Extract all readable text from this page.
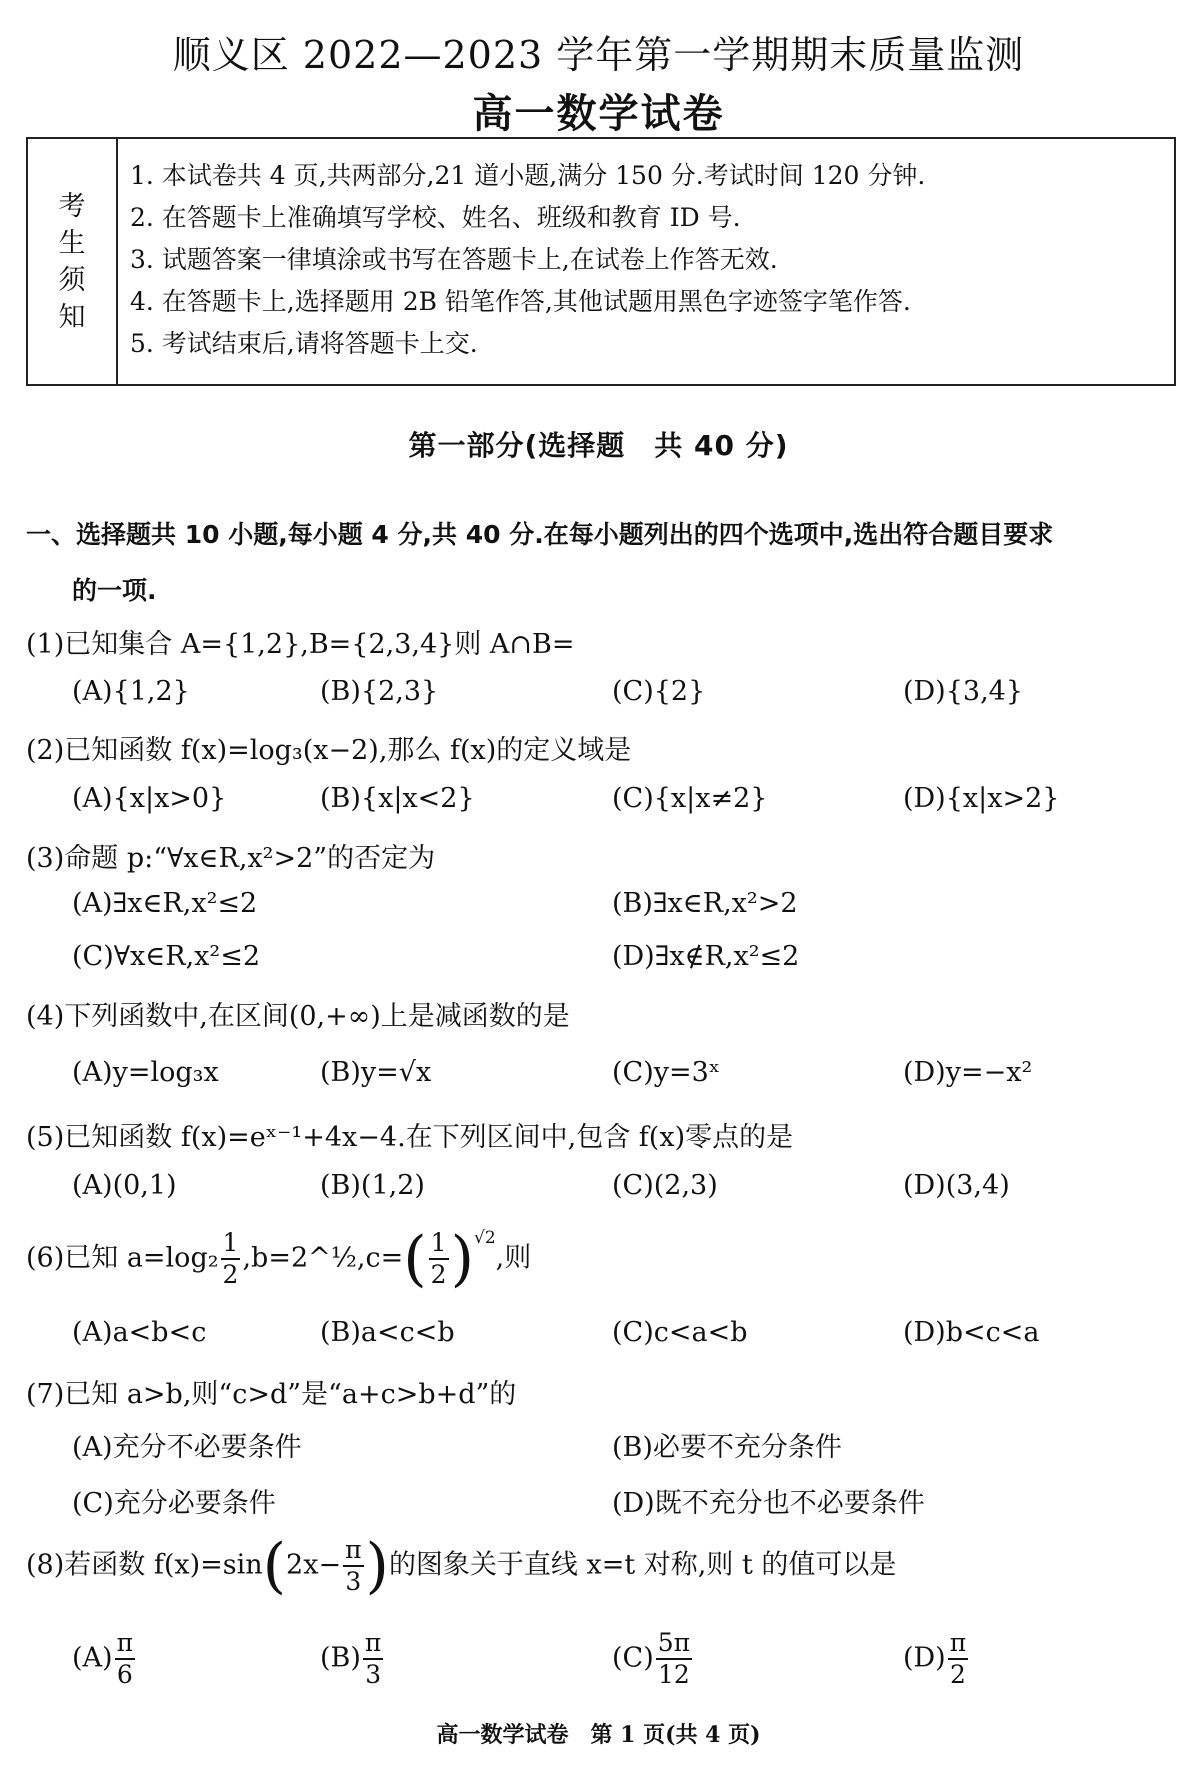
顺义区 2022—2023 学年第一学期期末质量监测
高一数学试卷
考
生
须
知
1. 本试卷共 4 页,共两部分,21 道小题,满分 150 分.考试时间 120 分钟.
2. 在答题卡上准确填写学校、姓名、班级和教育 ID 号.
3. 试题答案一律填涂或书写在答题卡上,在试卷上作答无效.
4. 在答题卡上,选择题用 2B 铅笔作答,其他试题用黑色字迹签字笔作答.
5. 考试结束后,请将答题卡上交.
第一部分(选择题　共 40 分)
一、选择题共 10 小题,每小题 4 分,共 40 分.在每小题列出的四个选项中,选出符合题目要求
的一项.
(1)已知集合 A={1,2},B={2,3,4}则 A∩B=
(A){1,2}	(B){2,3}	(C){2}	(D){3,4}
(2)已知函数 f(x)=log₃(x−2),那么 f(x)的定义域是
(A){x|x>0}	(B){x|x<2}	(C){x|x≠2}	(D){x|x>2}
(3)命题 p:“∀x∈R,x²>2”的否定为
(A)∃x∈R,x²≤2	(B)∃x∈R,x²>2
(C)∀x∈R,x²≤2	(D)∃x∉R,x²≤2
(4)下列函数中,在区间(0,+∞)上是减函数的是
(A)y=log₃x	(B)y=√x	(C)y=3ˣ	(D)y=−x²
(5)已知函数 f(x)=eˣ⁻¹+4x−4.在下列区间中,包含 f(x)零点的是
(A)(0,1)	(B)(1,2)	(C)(2,3)	(D)(3,4)
(6)已知 $a=\log_2 \frac{1}{2}$ ,b=2^½,c=( $\frac{1}{2} )^{√2}$,则
(A)a<b<c	(B)a<c<b	(C)c<a<b	(D)b<c<a
(7)已知 a>b,则“c>d”是“a+c>b+d”的
(A)充分不必要条件	(B)必要不充分条件
(C)充分必要条件	(D)既不充分也不必要条件
(8)若函数 $f(x)=\sin(2x- \frac{\pi}{3}$ )的图象关于直线 x=t 对称,则 t 的值可以是
$(A) \frac{\pi}{6}$	$(B) \frac{\pi}{3}$	$(C) \frac{5\pi}{12}$	$(D) \frac{\pi}{2}$
高一数学试卷　第 1 页(共 4 页)
